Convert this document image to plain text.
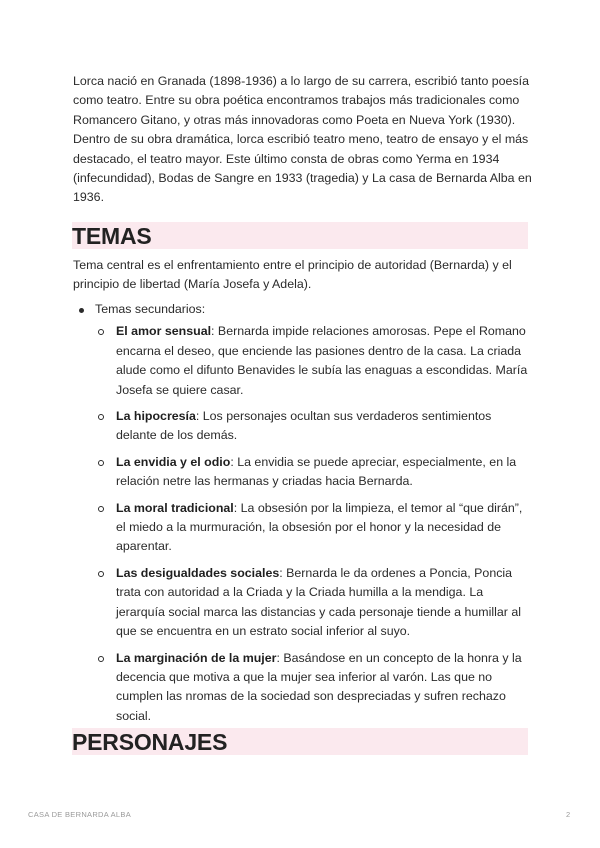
Lorca nació en Granada (1898-1936) a lo largo de su carrera, escribió tanto poesía como teatro. Entre su obra poética encontramos trabajos más tradicionales como Romancero Gitano, y otras más innovadoras como Poeta en Nueva York (1930). Dentro de su obra dramática, lorca escribió teatro meno, teatro de ensayo y el más destacado, el teatro mayor. Este último consta de obras como Yerma en 1934 (infecundidad), Bodas de Sangre en 1933 (tragedia) y La casa de Bernarda Alba en 1936.

TEMAS

Tema central es el enfrentamiento entre el principio de autoridad (Bernarda) y el principio de libertad (María Josefa y Adela).

Temas secundarios:
El amor sensual: Bernarda impide relaciones amorosas. Pepe el Romano encarna el deseo, que enciende las pasiones dentro de la casa. La criada alude como el difunto Benavides le subía las enaguas a escondidas. María Josefa se quiere casar.
La hipocresía: Los personajes ocultan sus verdaderos sentimientos delante de los demás.
La envidia y el odio: La envidia se puede apreciar, especialmente, en la relación netre las hermanas y criadas hacia Bernarda.
La moral tradicional: La obsesión por la limpieza, el temor al “que dirán”, el miedo a la murmuración, la obsesión por el honor y la necesidad de aparentar.
Las desigualdades sociales: Bernarda le da ordenes a Poncia, Poncia trata con autoridad a la Criada y la Criada humilla a la mendiga. La jerarquía social marca las distancias y cada personaje tiende a humillar al que se encuentra en un estrato social inferior al suyo.
La marginación de la mujer: Basándose en un concepto de la honra y la decencia que motiva a que la mujer sea inferior al varón. Las que no cumplen las nromas de la sociedad son despreciadas y sufren rechazo social.
PERSONAJES
CASA DE BERNARDA ALBA	2
